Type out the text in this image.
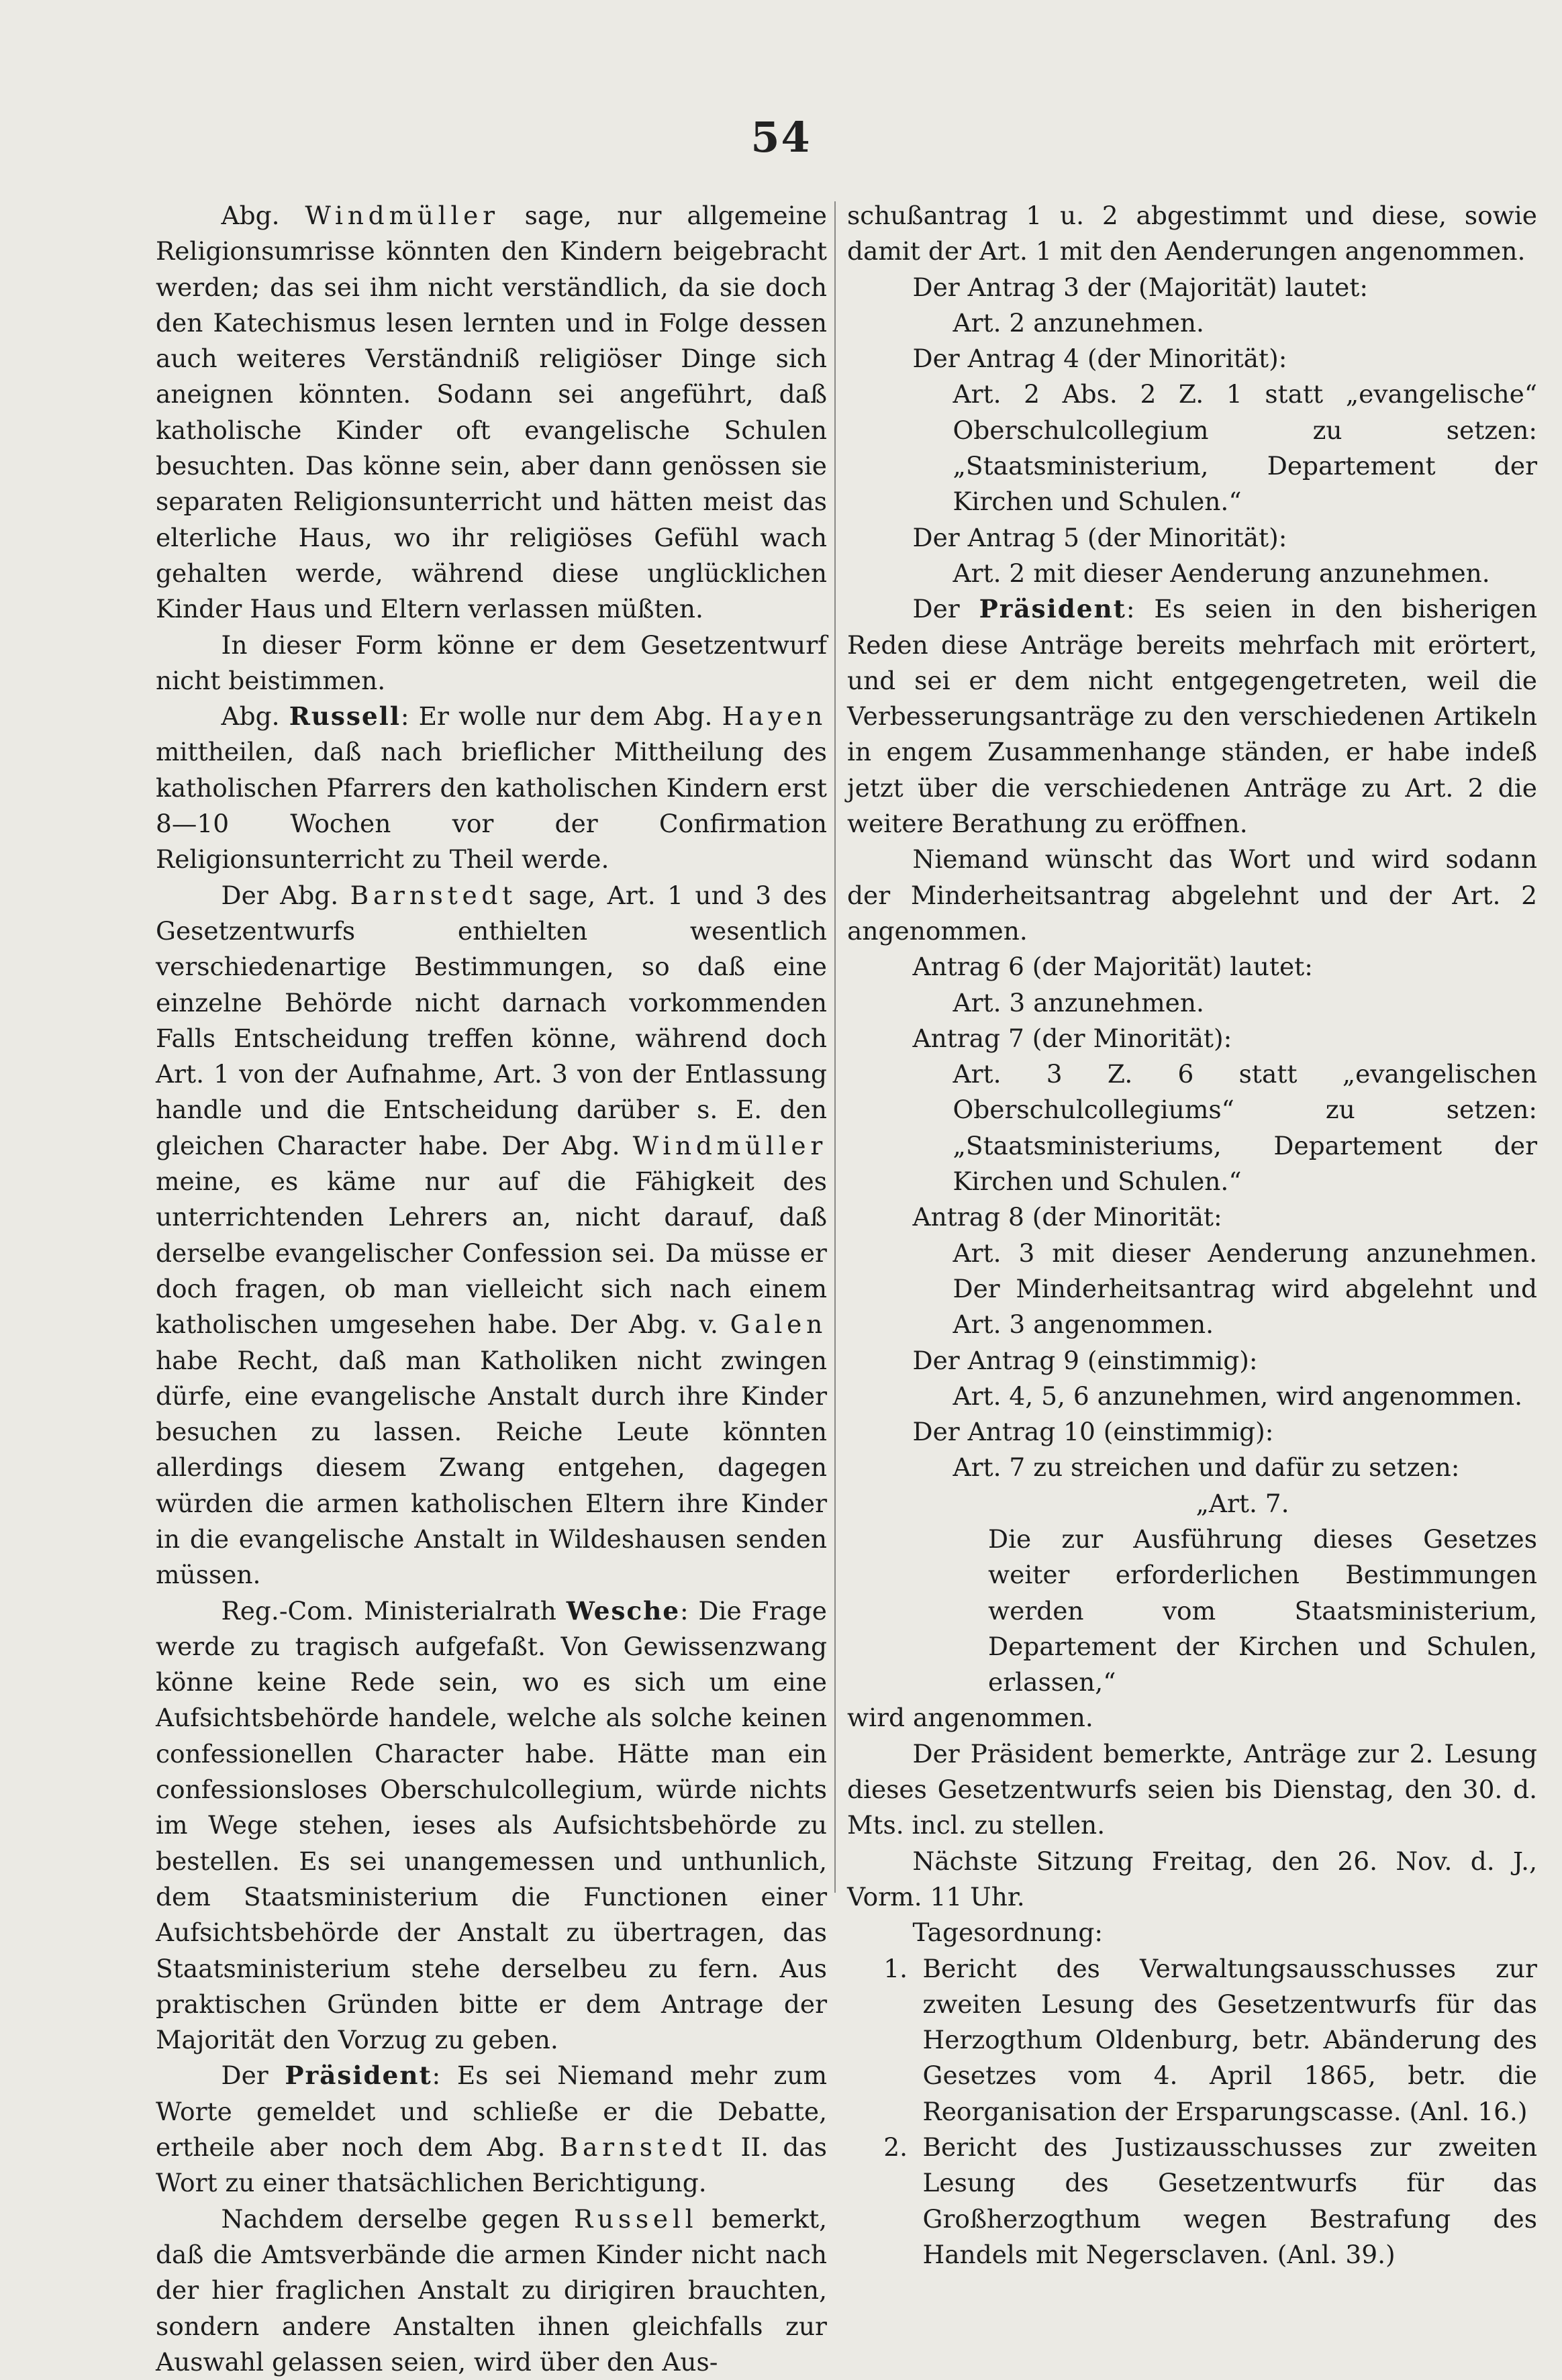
54

Abg. Windmüller sage, nur allgemeine Religionsumrisse könnten den Kindern beigebracht werden; das sei ihm nicht verständlich, da sie doch den Katechismus lesen lernten und in Folge dessen auch weiteres Verständniß religiöser Dinge sich aneignen könnten. Sodann sei angeführt, daß katholische Kinder oft evangelische Schulen besuchten. Das könne sein, aber dann genössen sie separaten Religionsunterricht und hätten meist das elterliche Haus, wo ihr religiöses Gefühl wach gehalten werde, während diese unglücklichen Kinder Haus und Eltern verlassen müßten.

In dieser Form könne er dem Gesetzentwurf nicht beistimmen.

Abg. Russell: Er wolle nur dem Abg. Hayen mittheilen, daß nach brieflicher Mittheilung des katholischen Pfarrers den katholischen Kindern erst 8—10 Wochen vor der Confirmation Religionsunterricht zu Theil werde.

Der Abg. Barnstedt sage, Art. 1 und 3 des Gesetzentwurfs enthielten wesentlich verschiedenartige Bestimmungen, so daß eine einzelne Behörde nicht darnach vorkommenden Falls Entscheidung treffen könne, während doch Art. 1 von der Aufnahme, Art. 3 von der Entlassung handle und die Entscheidung darüber s. E. den gleichen Character habe. Der Abg. Windmüller meine, es käme nur auf die Fähigkeit des unterrichtenden Lehrers an, nicht darauf, daß derselbe evangelischer Confession sei. Da müsse er doch fragen, ob man vielleicht sich nach einem katholischen umgesehen habe. Der Abg. v. Galen habe Recht, daß man Katholiken nicht zwingen dürfe, eine evangelische Anstalt durch ihre Kinder besuchen zu lassen. Reiche Leute könnten allerdings diesem Zwang entgehen, dagegen würden die armen katholischen Eltern ihre Kinder in die evangelische Anstalt in Wildeshausen senden müssen.

Reg.-Com. Ministerialrath Wesche: Die Frage werde zu tragisch aufgefaßt. Von Gewissenzwang könne keine Rede sein, wo es sich um eine Aufsichtsbehörde handele, welche als solche keinen confessionellen Character habe. Hätte man ein confessionsloses Oberschulcollegium, würde nichts im Wege stehen, ieses als Aufsichtsbehörde zu bestellen. Es sei unangemessen und unthunlich, dem Staatsministerium die Functionen einer Aufsichtsbehörde der Anstalt zu übertragen, das Staatsministerium stehe derselbeu zu fern. Aus praktischen Gründen bitte er dem Antrage der Majorität den Vorzug zu geben.

Der Präsident: Es sei Niemand mehr zum Worte gemeldet und schließe er die Debatte, ertheile aber noch dem Abg. Barnstedt II. das Wort zu einer thatsächlichen Berichtigung.

Nachdem derselbe gegen Russell bemerkt, daß die Amtsverbände die armen Kinder nicht nach der hier fraglichen Anstalt zu dirigiren brauchten, sondern andere Anstalten ihnen gleichfalls zur Auswahl gelassen seien, wird über den Aus-

schußantrag 1 u. 2 abgestimmt und diese, sowie damit der Art. 1 mit den Aenderungen angenommen.

Der Antrag 3 der (Majorität) lautet:

Art. 2 anzunehmen.

Der Antrag 4 (der Minorität):

Art. 2 Abs. 2 Z. 1 statt „evangelische“ Oberschulcollegium zu setzen: „Staatsministerium, Departement der Kirchen und Schulen.“

Der Antrag 5 (der Minorität):

Art. 2 mit dieser Aenderung anzunehmen.

Der Präsident: Es seien in den bisherigen Reden diese Anträge bereits mehrfach mit erörtert, und sei er dem nicht entgegengetreten, weil die Verbesserungsanträge zu den verschiedenen Artikeln in engem Zusammenhange ständen, er habe indeß jetzt über die verschiedenen Anträge zu Art. 2 die weitere Berathung zu eröffnen.

Niemand wünscht das Wort und wird sodann der Minderheitsantrag abgelehnt und der Art. 2 angenommen.

Antrag 6 (der Majorität) lautet:

Art. 3 anzunehmen.

Antrag 7 (der Minorität):

Art. 3 Z. 6 statt „evangelischen Oberschulcollegiums“ zu setzen: „Staatsministeriums, Departement der Kirchen und Schulen.“

Antrag 8 (der Minorität:

Art. 3 mit dieser Aenderung anzunehmen. Der Minderheitsantrag wird abgelehnt und Art. 3 angenommen.

Der Antrag 9 (einstimmig):

Art. 4, 5, 6 anzunehmen, wird angenommen.

Der Antrag 10 (einstimmig):

Art. 7 zu streichen und dafür zu setzen:

„Art. 7.

Die zur Ausführung dieses Gesetzes weiter erforderlichen Bestimmungen werden vom Staatsministerium, Departement der Kirchen und Schulen, erlassen,“

wird angenommen.

Der Präsident bemerkte, Anträge zur 2. Lesung dieses Gesetzentwurfs seien bis Dienstag, den 30. d. Mts. incl. zu stellen.

Nächste Sitzung Freitag, den 26. Nov. d. J., Vorm. 11 Uhr.

Tagesordnung:

1. Bericht des Verwaltungsausschusses zur zweiten Lesung des Gesetzentwurfs für das Herzogthum Oldenburg, betr. Abänderung des Gesetzes vom 4. April 1865, betr. die Reorganisation der Ersparungscasse. (Anl. 16.)
2. Bericht des Justizausschusses zur zweiten Lesung des Gesetzentwurfs für das Großherzogthum wegen Bestrafung des Handels mit Negersclaven. (Anl. 39.)
